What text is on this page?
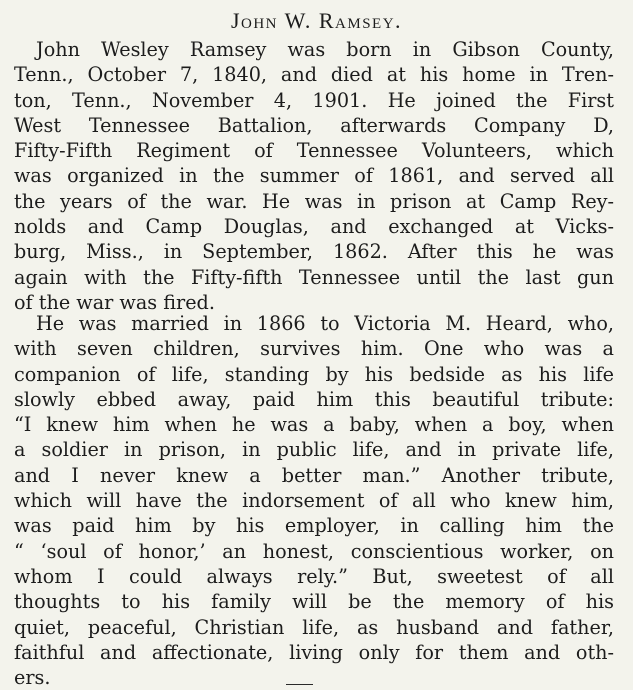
John W. Ramsey.
John Wesley Ramsey was born in Gibson County,
Tenn., October 7, 1840, and died at his home in Tren-
ton, Tenn., November 4, 1901. He joined the First
West Tennessee Battalion, afterwards Company D,
Fifty-Fifth Regiment of Tennessee Volunteers, which
was organized in the summer of 1861, and served all
the years of the war. He was in prison at Camp Rey-
nolds and Camp Douglas, and exchanged at Vicks-
burg, Miss., in September, 1862. After this he was
again with the Fifty-fifth Tennessee until the last gun
of the war was fired.
He was married in 1866 to Victoria M. Heard, who,
with seven children, survives him. One who was a
companion of life, standing by his bedside as his life
slowly ebbed away, paid him this beautiful tribute:
“I knew him when he was a baby, when a boy, when
a soldier in prison, in public life, and in private life,
and I never knew a better man.” Another tribute,
which will have the indorsement of all who knew him,
was paid him by his employer, in calling him the
“ ‘soul of honor,’ an honest, conscientious worker, on
whom I could always rely.” But, sweetest of all
thoughts to his family will be the memory of his
quiet, peaceful, Christian life, as husband and father,
faithful and affectionate, living only for them and oth-
ers.
